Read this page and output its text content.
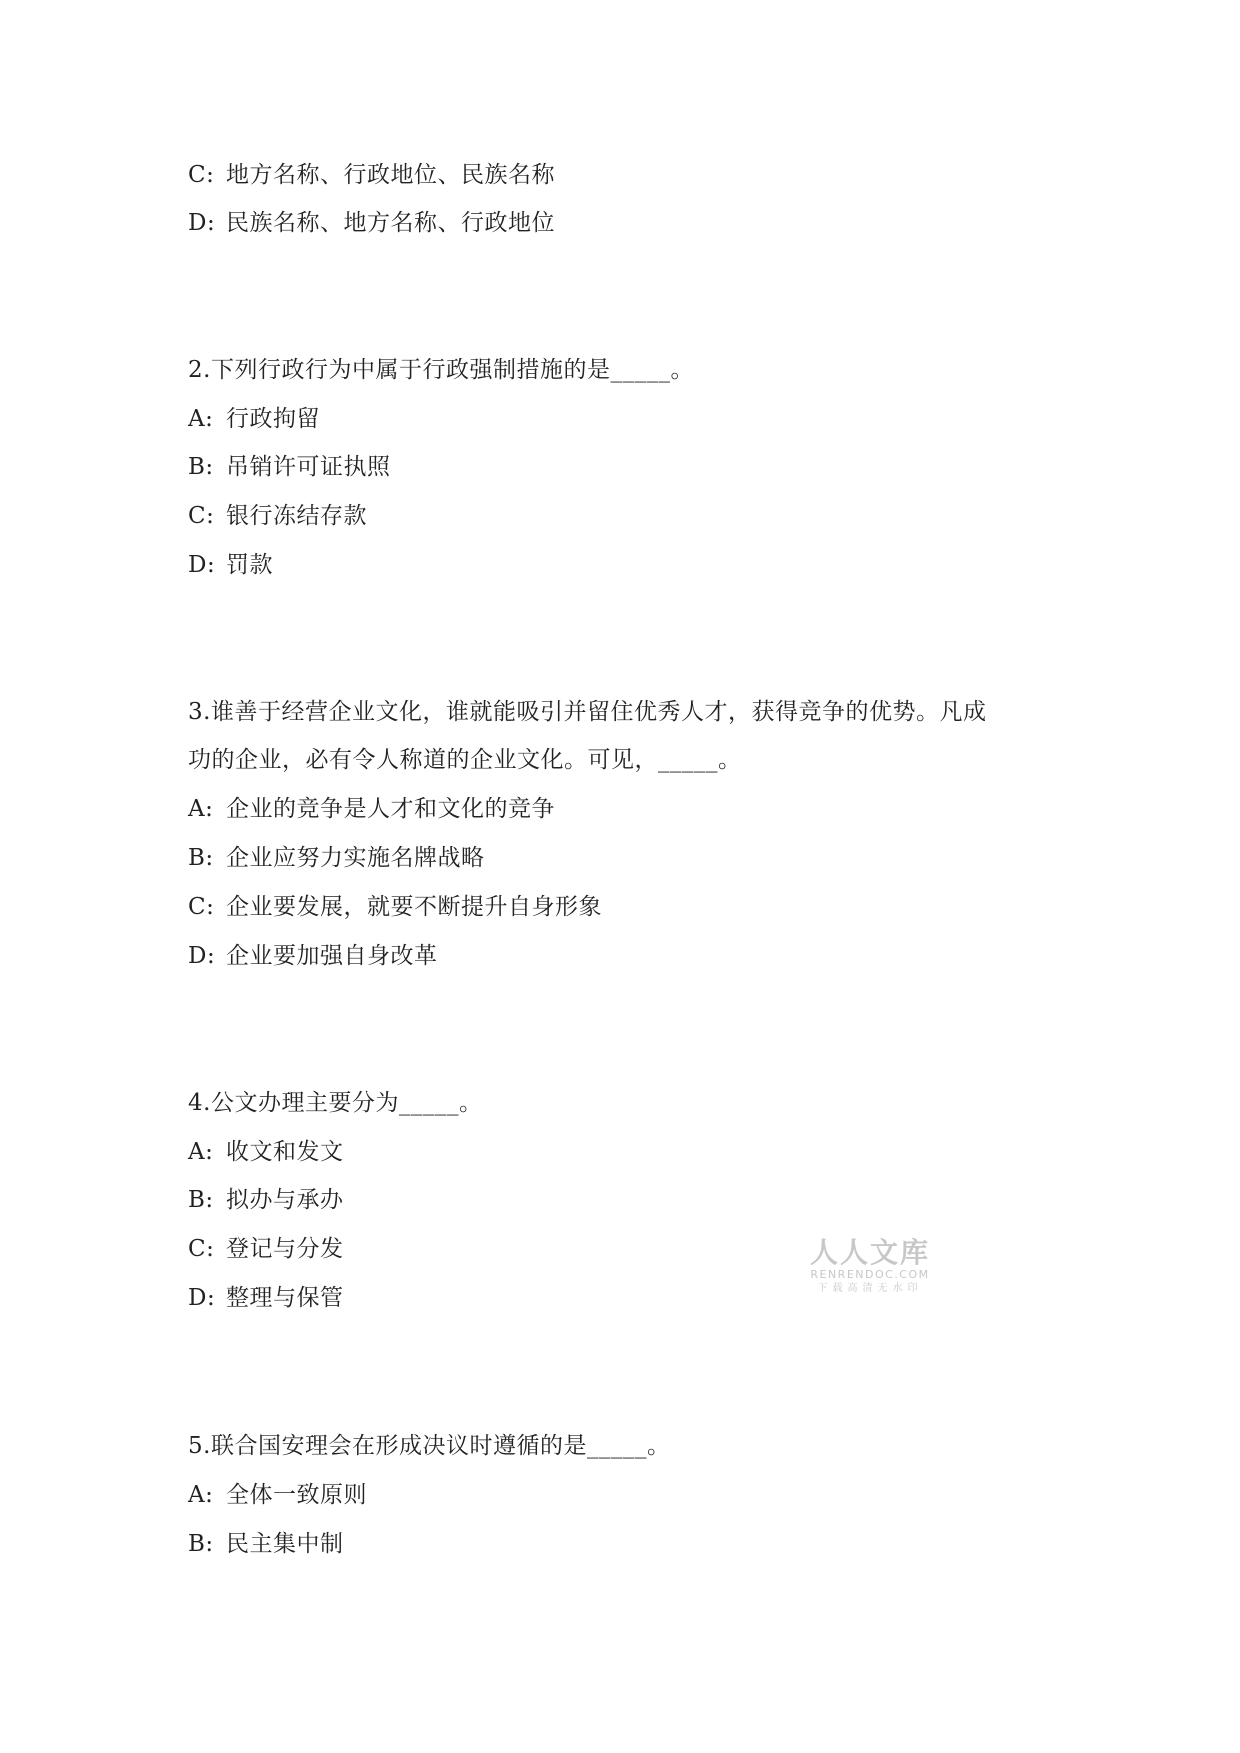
C: 地方名称、行政地位、民族名称
D: 民族名称、地方名称、行政地位
2.下列行政行为中属于行政强制措施的是_____。
A: 行政拘留
B: 吊销许可证执照
C: 银行冻结存款
D: 罚款
3.谁善于经营企业文化，谁就能吸引并留住优秀人才，获得竞争的优势。凡成
功的企业，必有令人称道的企业文化。可见，_____。
A: 企业的竞争是人才和文化的竞争
B: 企业应努力实施名牌战略
C: 企业要发展，就要不断提升自身形象
D: 企业要加强自身改革
4.公文办理主要分为_____。
A: 收文和发文
B: 拟办与承办
C: 登记与分发
D: 整理与保管
5.联合国安理会在形成决议时遵循的是_____。
A: 全体一致原则
B: 民主集中制
人人文库
RENRENDOC.COM
下载高清无水印
